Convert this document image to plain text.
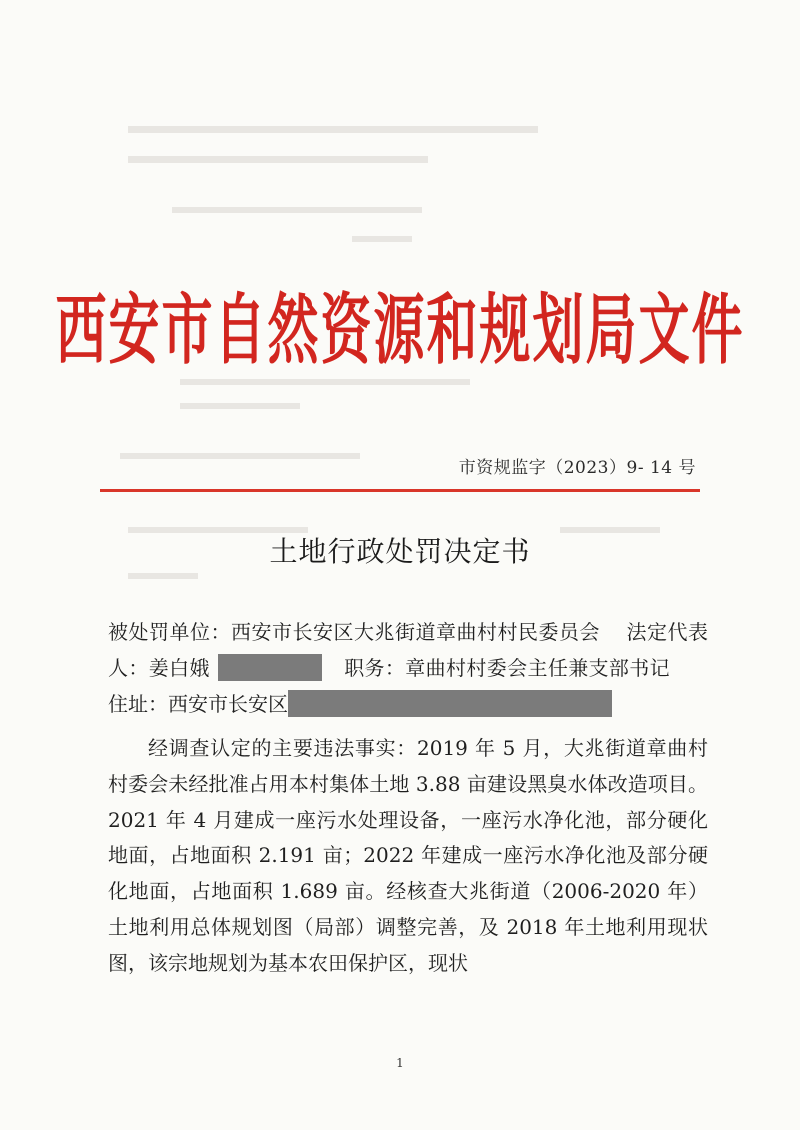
西安市自然资源和规划局文件
市资规监字（2023）9- 14 号
土地行政处罚决定书
被处罚单位：西安市长安区大兆街道章曲村村民委员会 法定代表人：姜白娥	职务：章曲村村委会主任兼支部书记住址：西安市长安区
经调查认定的主要违法事实：2019 年 5 月，大兆街道章曲村村委会未经批准占用本村集体土地 3.88 亩建设黑臭水体改造项目。2021 年 4 月建成一座污水处理设备，一座污水净化池，部分硬化地面，占地面积 2.191 亩；2022 年建成一座污水净化池及部分硬化地面，占地面积 1.689 亩。经核查大兆街道（2006-2020 年）土地利用总体规划图（局部）调整完善，及 2018 年土地利用现状图，该宗地规划为基本农田保护区，现状
1
